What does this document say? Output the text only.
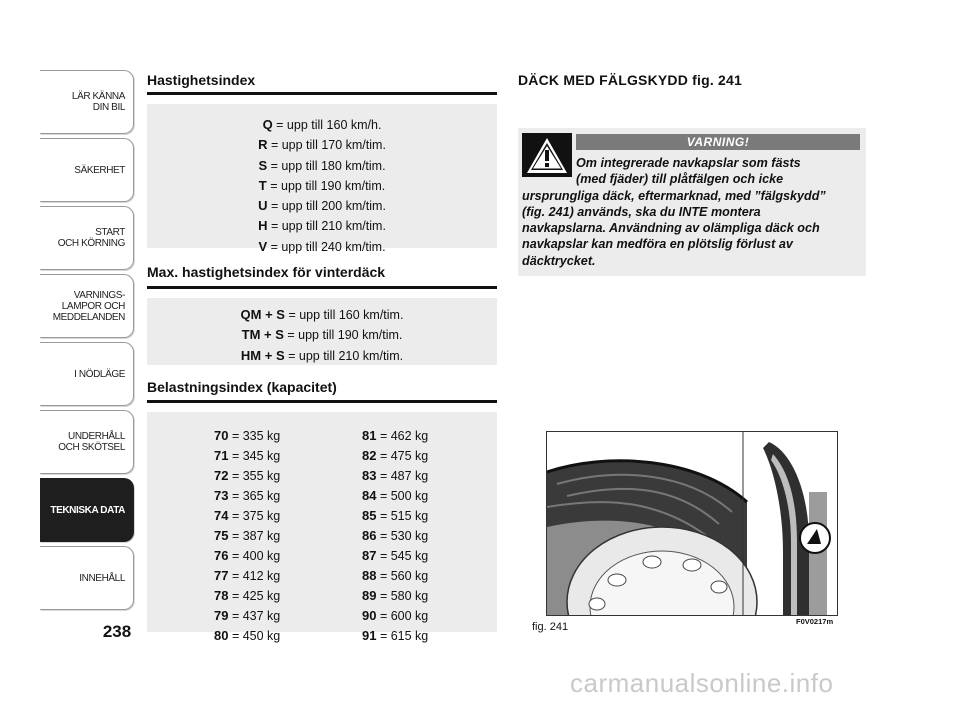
LÄR KÄNNA
DIN BIL
SÄKERHET
START
OCH KÖRNING
VARNINGS-
LAMPOR OCH
MEDDELANDEN
I NÖDLÄGE
UNDERHÅLL
OCH SKÖTSEL
TEKNISKA DATA
INNEHÅLL
238
Hastighetsindex
Q = upp till 160 km/h.
R = upp till 170 km/tim.
S = upp till 180 km/tim.
T = upp till 190 km/tim.
U = upp till 200 km/tim.
H = upp till 210 km/tim.
V = upp till 240 km/tim.
Max. hastighetsindex för vinterdäck
QM + S = upp till 160 km/tim.
TM + S = upp till 190 km/tim.
HM + S = upp till 210 km/tim.
Belastningsindex (kapacitet)
70 = 335 kg
71 = 345 kg
72 = 355 kg
73 = 365 kg
74 = 375 kg
75 = 387 kg
76 = 400 kg
77 = 412 kg
78 = 425 kg
79 = 437 kg
80 = 450 kg
81 = 462 kg
82 = 475 kg
83 = 487 kg
84 = 500 kg
85 = 515 kg
86 = 530 kg
87 = 545 kg
88 = 560 kg
89 = 580 kg
90 = 600 kg
91 = 615 kg
DÄCK MED FÄLGSKYDD fig. 241
VARNING!

Om integrerade navkapslar som fästs
(med fjäder) till plåtfälgen och icke
ursprungliga däck, eftermarknad, med ”fälgskydd”
(fig. 241) används, ska du INTE montera
navkapslarna. Användning av olämpliga däck och
navkapslar kan medföra en plötslig förlust av
däcktrycket.

fig. 241	F0V0217m
carmanualsonline.info
